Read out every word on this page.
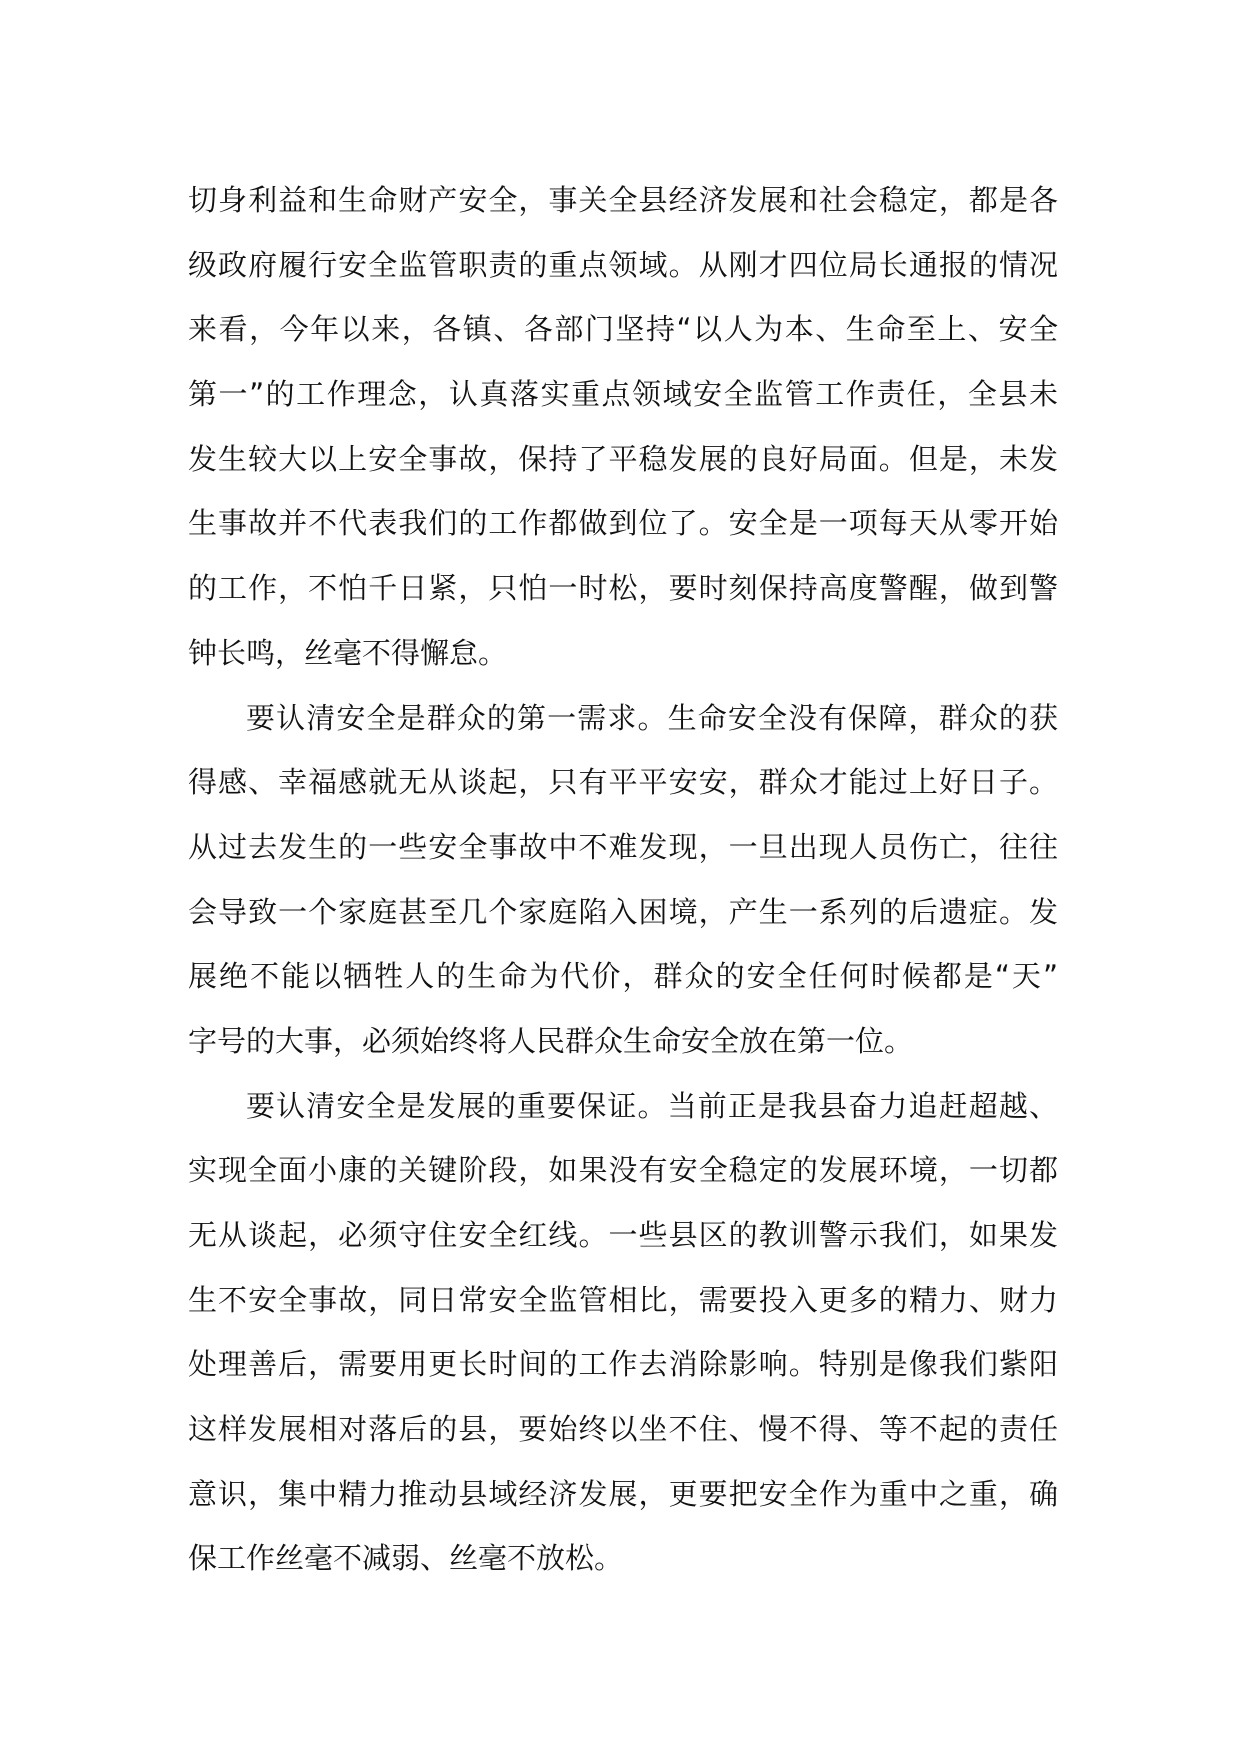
切身利益和生命财产安全，事关全县经济发展和社会稳定，都是各
级政府履行安全监管职责的重点领域。从刚才四位局长通报的情况
来看，今年以来，各镇、各部门坚持“以人为本、生命至上、安全
第一”的工作理念，认真落实重点领域安全监管工作责任，全县未
发生较大以上安全事故，保持了平稳发展的良好局面。但是，未发
生事故并不代表我们的工作都做到位了。安全是一项每天从零开始
的工作，不怕千日紧，只怕一时松，要时刻保持高度警醒，做到警
钟长鸣，丝毫不得懈怠。
要认清安全是群众的第一需求。生命安全没有保障，群众的获
得感、幸福感就无从谈起，只有平平安安，群众才能过上好日子。
从过去发生的一些安全事故中不难发现，一旦出现人员伤亡，往往
会导致一个家庭甚至几个家庭陷入困境，产生一系列的后遗症。发
展绝不能以牺牲人的生命为代价，群众的安全任何时候都是“天”
字号的大事，必须始终将人民群众生命安全放在第一位。
要认清安全是发展的重要保证。当前正是我县奋力追赶超越、
实现全面小康的关键阶段，如果没有安全稳定的发展环境，一切都
无从谈起，必须守住安全红线。一些县区的教训警示我们，如果发
生不安全事故，同日常安全监管相比，需要投入更多的精力、财力
处理善后，需要用更长时间的工作去消除影响。特别是像我们紫阳
这样发展相对落后的县，要始终以坐不住、慢不得、等不起的责任
意识，集中精力推动县域经济发展，更要把安全作为重中之重，确
保工作丝毫不减弱、丝毫不放松。
